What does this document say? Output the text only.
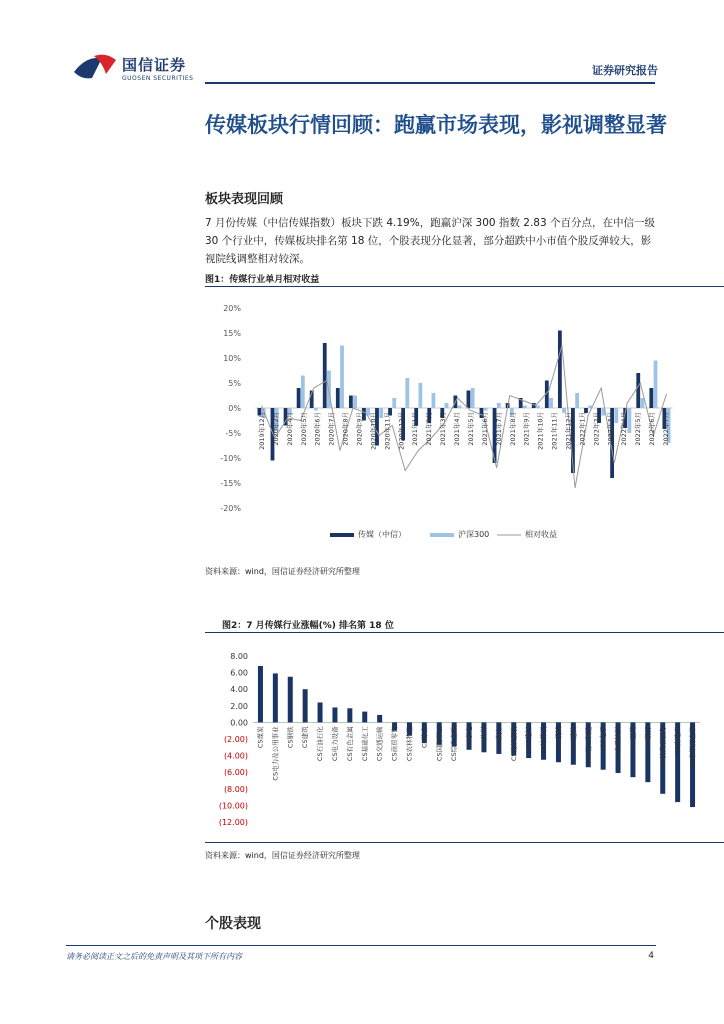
国信证券
GUOSEN SECURITIES
证券研究报告
传媒板块行情回顾：跑赢市场表现，影视调整显著
板块表现回顾
7 月份传媒（中信传媒指数）板块下跌 4.19%，跑赢沪深 300 指数 2.83 个百分点，在中信一级 30 个行业中，传媒板块排名第 18 位，个股表现分化显著，部分超跌中小市值个股反弹较大，影视院线调整相对较深。
图1：传媒行业单月相对收益
20%
15%
10%
5%
0%
-5%
-10%
-15%
-20%
2019年12月 2020年2月 2020年4月 2020年5月 2020年6月 2020年7月 2020年8月 2020年9月 2020年10月 2020年11月 2020年12月 2021年1月 2021年2月 2021年3月 2021年4月 2021年5月 2021年6月 2021年7月 2021年8月 2021年9月 2021年10月 2021年11月 2021年12月 2022年1月 2022年2月 2022年3月 2022年4月 2022年5月 2022年6月 2022年7月
传媒（中信）	沪深300	相对收益
资料来源：wind，国信证券经济研究所整理
图2：7 月传媒行业涨幅(%) 排名第 18 位
8.00
6.00
4.00
2.00
0.00
(2.00)
(4.00)
(6.00)
(8.00)
(10.00)
(12.00)
CS煤炭 CS电力及公用事业 CS钢铁 CS建筑 CS石油石化 CS电力设备 CS有色金属 CS基础化工 CS交通运输 CS商贸零售 CS农林牧渔 CS综合 CS国防军工 CS综合金融 CS家电 CS传媒 CS汽车 CS纺织服装 CS建材 CS计算机 CS机械 CS通信 CS轻工制造 CS电子 CS食品饮料 CS医药 CS银行 CS消费者服务 CS房地产 CS非银行金融
资料来源：wind，国信证券经济研究所整理
个股表现
请务必阅读正文之后的免责声明及其项下所有内容	4
